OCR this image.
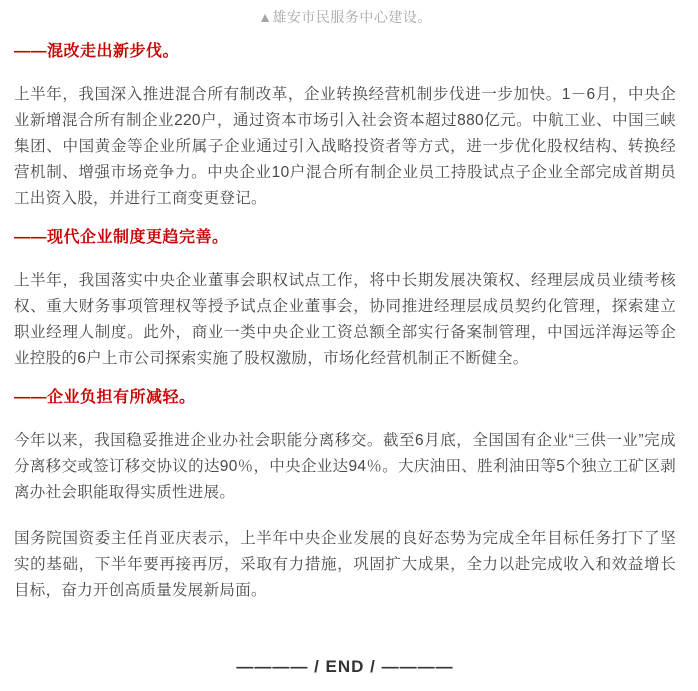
▲雄安市民服务中心建设。
——混改走出新步伐。

上半年，我国深入推进混合所有制改革，企业转换经营机制步伐进一步加快。1－6月，中央企业新增混合所有制企业220户，通过资本市场引入社会资本超过880亿元。中航工业、中国三峡集团、中国黄金等企业所属子企业通过引入战略投资者等方式，进一步优化股权结构、转换经营机制、增强市场竞争力。中央企业10户混合所有制企业员工持股试点子企业全部完成首期员工出资入股，并进行工商变更登记。

——现代企业制度更趋完善。

上半年，我国落实中央企业董事会职权试点工作，将中长期发展决策权、经理层成员业绩考核权、重大财务事项管理权等授予试点企业董事会，协同推进经理层成员契约化管理，探索建立职业经理人制度。此外，商业一类中央企业工资总额全部实行备案制管理，中国远洋海运等企业控股的6户上市公司探索实施了股权激励，市场化经营机制正不断健全。

——企业负担有所减轻。

今年以来，我国稳妥推进企业办社会职能分离移交。截至6月底，全国国有企业“三供一业”完成分离移交或签订移交协议的达90％，中央企业达94％。大庆油田、胜利油田等5个独立工矿区剥离办社会职能取得实质性进展。

国务院国资委主任肖亚庆表示，上半年中央企业发展的良好态势为完成全年目标任务打下了坚实的基础，下半年要再接再厉，采取有力措施，巩固扩大成果，全力以赴完成收入和效益增长目标，奋力开创高质量发展新局面。

———— / END / ————
